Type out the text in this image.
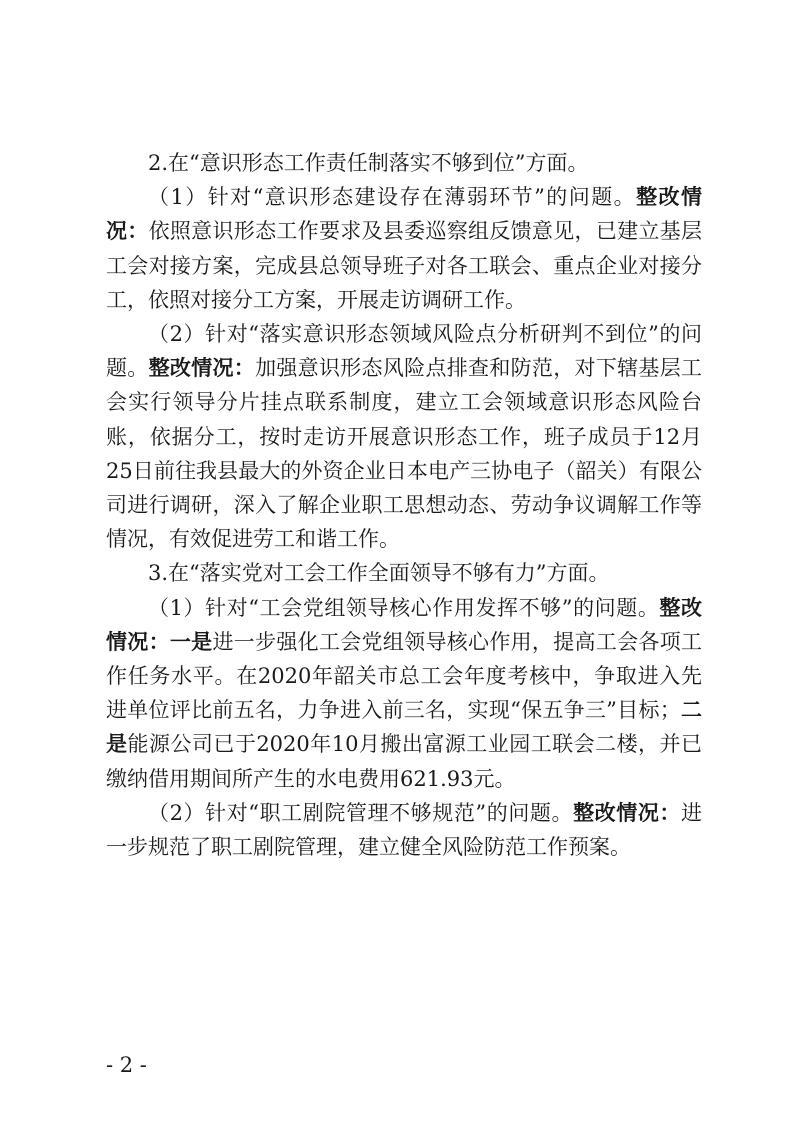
2.在“意识形态工作责任制落实不够到位”方面。

（1）针对“意识形态建设存在薄弱环节”的问题。整改情况：依照意识形态工作要求及县委巡察组反馈意见，已建立基层工会对接方案，完成县总领导班子对各工联会、重点企业对接分工，依照对接分工方案，开展走访调研工作。

（2）针对“落实意识形态领域风险点分析研判不到位”的问题。整改情况：加强意识形态风险点排查和防范，对下辖基层工会实行领导分片挂点联系制度，建立工会领域意识形态风险台账，依据分工，按时走访开展意识形态工作，班子成员于12月25日前往我县最大的外资企业日本电产三协电子（韶关）有限公司进行调研，深入了解企业职工思想动态、劳动争议调解工作等情况，有效促进劳工和谐工作。

3.在“落实党对工会工作全面领导不够有力”方面。

（1）针对“工会党组领导核心作用发挥不够”的问题。整改情况：一是进一步强化工会党组领导核心作用，提高工会各项工作任务水平。在2020年韶关市总工会年度考核中，争取进入先进单位评比前五名，力争进入前三名，实现“保五争三”目标；二是能源公司已于2020年10月搬出富源工业园工联会二楼，并已缴纳借用期间所产生的水电费用621.93元。

（2）针对“职工剧院管理不够规范”的问题。整改情况：进一步规范了职工剧院管理，建立健全风险防范工作预案。

- 2 -
